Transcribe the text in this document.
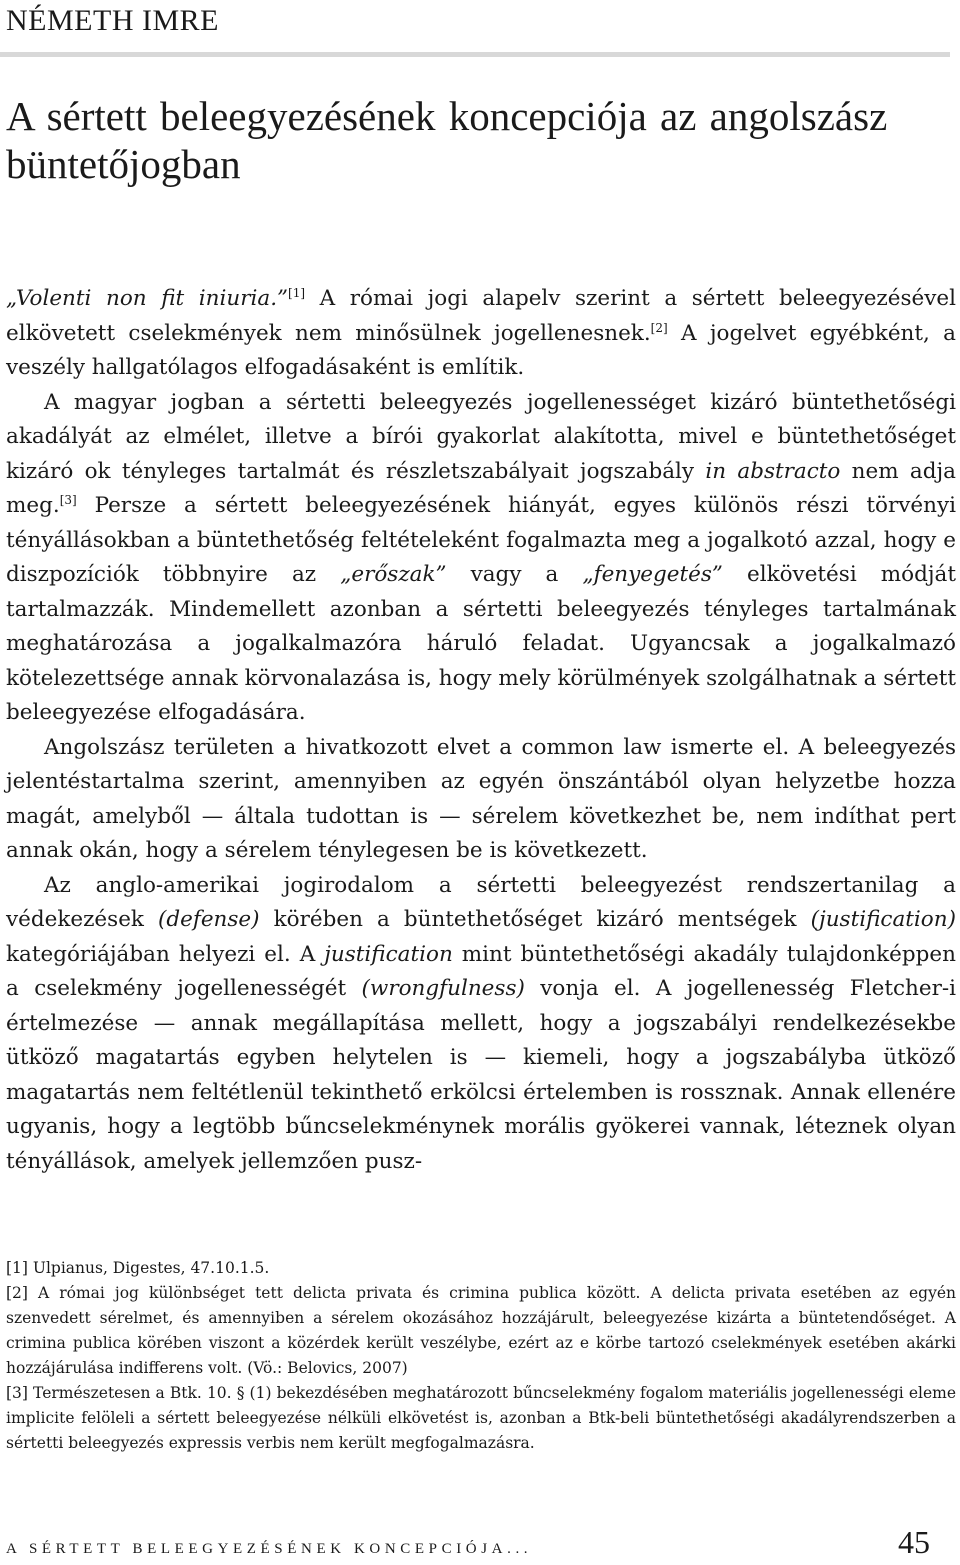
NÉMETH IMRE
A sértett beleegyezésének koncepciója az angolszász büntetőjogban

„Volenti non fit iniuria.”[1] A római jogi alapelv szerint a sértett beleegyezésével elkövetett cselekmények nem minősülnek jogellenesnek.[2] A jogelvet egyébként, a veszély hallgatólagos elfogadásaként is említik.

A magyar jogban a sértetti beleegyezés jogellenességet kizáró büntethetőségi akadályát az elmélet, illetve a bírói gyakorlat alakította, mivel e büntethetőséget kizáró ok tényleges tartalmát és részletszabályait jogszabály in abstracto nem adja meg.[3] Persze a sértett beleegyezésének hiányát, egyes különös részi törvényi tényállásokban a büntethetőség feltételeként fogalmazta meg a jogalkotó azzal, hogy e diszpozíciók többnyire az „erőszak” vagy a „fenyegetés” elkövetési módját tartalmazzák. Mindemellett azonban a sértetti beleegyezés tényleges tartalmának meghatározása a jogalkalmazóra háruló feladat. Ugyancsak a jogalkalmazó kötelezettsége annak körvonalazása is, hogy mely körülmények szolgálhatnak a sértett beleegyezése elfogadására.

Angolszász területen a hivatkozott elvet a common law ismerte el. A beleegyezés jelentéstartalma szerint, amennyiben az egyén önszántából olyan helyzetbe hozza magát, amelyből — általa tudottan is — sérelem következhet be, nem indíthat pert annak okán, hogy a sérelem ténylegesen be is következett.

Az anglo-amerikai jogirodalom a sértetti beleegyezést rendszertanilag a védekezések (defense) körében a büntethetőséget kizáró mentségek (justification) kategóriájában helyezi el. A justification mint büntethetőségi akadály tulajdonképpen a cselekmény jogellenességét (wrongfulness) vonja el. A jogellenesség Fletcher-i értelmezése — annak megállapítása mellett, hogy a jogszabályi rendelkezésekbe ütköző magatartás egyben helytelen is — kiemeli, hogy a jogszabályba ütköző magatartás nem feltétlenül tekinthető erkölcsi értelemben is rossznak. Annak ellenére ugyanis, hogy a legtöbb bűncselekménynek morális gyökerei vannak, léteznek olyan tényállások, amelyek jellemzően pusz-

[1] Ulpianus, Digestes, 47.10.1.5.

[2] A római jog különbséget tett delicta privata és crimina publica között. A delicta privata esetében az egyén szenvedett sérelmet, és amennyiben a sérelem okozásához hozzájárult, beleegyezése kizárta a büntetendőséget. A crimina publica körében viszont a közérdek került veszélybe, ezért az e körbe tartozó cselekmények esetében akárki hozzájárulása indifferens volt. (Vö.: Belovics, 2007)

[3] Természetesen a Btk. 10. § (1) bekezdésében meghatározott bűncselekmény fogalom materiális jogellenességi eleme implicite felöleli a sértett beleegyezése nélküli elkövetést is, azonban a Btk-beli büntethetőségi akadályrendszerben a sértetti beleegyezés expressis verbis nem került megfogalmazásra.

A SÉRTETT BELEEGYEZÉSÉNEK KONCEPCIÓJA...	45
